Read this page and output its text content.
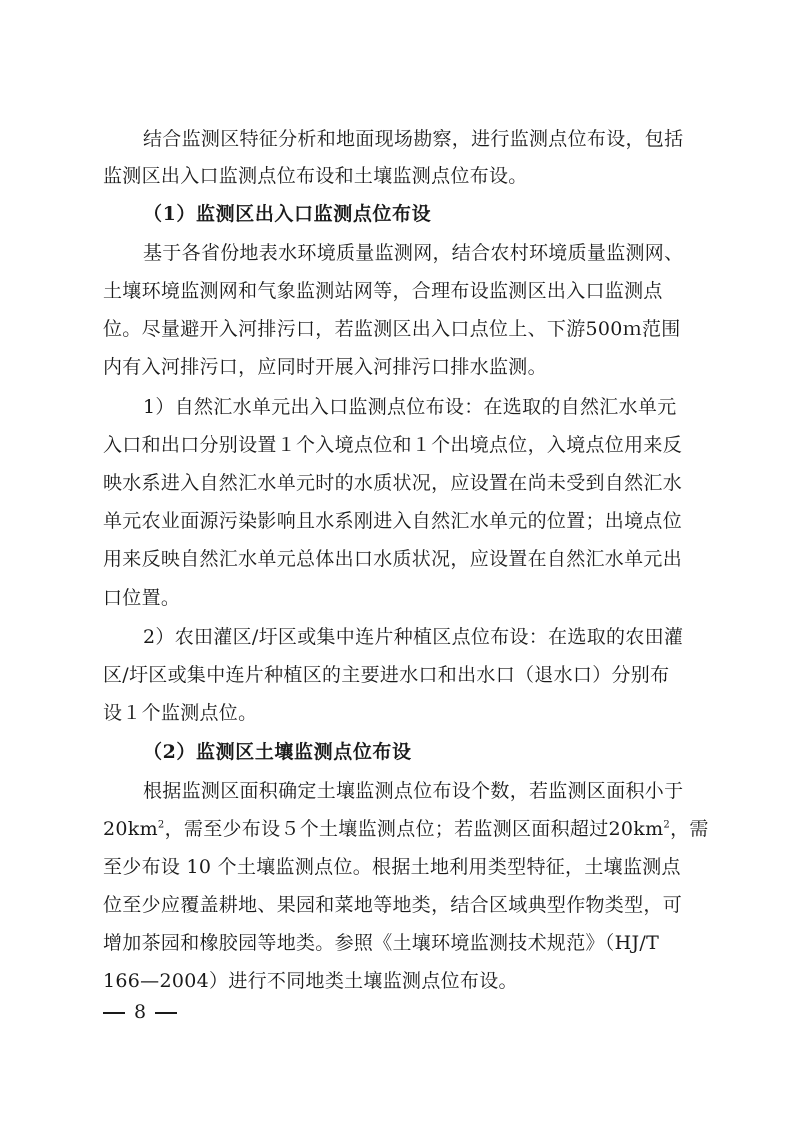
结合监测区特征分析和地面现场勘察，进行监测点位布设，包括
监测区出入口监测点位布设和土壤监测点位布设。
（1）监测区出入口监测点位布设
基于各省份地表水环境质量监测网，结合农村环境质量监测网、
土壤环境监测网和气象监测站网等，合理布设监测区出入口监测点
位。尽量避开入河排污口，若监测区出入口点位上、下游500ｍ范围
内有入河排污口，应同时开展入河排污口排水监测。
1）自然汇水单元出入口监测点位布设：在选取的自然汇水单元
入口和出口分别设置１个入境点位和１个出境点位，入境点位用来反
映水系进入自然汇水单元时的水质状况，应设置在尚未受到自然汇水
单元农业面源污染影响且水系刚进入自然汇水单元的位置；出境点位
用来反映自然汇水单元总体出口水质状况，应设置在自然汇水单元出
口位置。
2）农田灌区/圩区或集中连片种植区点位布设：在选取的农田灌
区/圩区或集中连片种植区的主要进水口和出水口（退水口）分别布
设１个监测点位。
（2）监测区土壤监测点位布设
根据监测区面积确定土壤监测点位布设个数，若监测区面积小于
$20km^2$，需至少布设５个土壤监测点位；若监测区面积超过$20km^2$，需
至少布设 10 个土壤监测点位。根据土地利用类型特征，土壤监测点
位至少应覆盖耕地、果园和菜地等地类，结合区域典型作物类型，可
增加茶园和橡胶园等地类。参照《土壤环境监测技术规范》（HJ/T
166—2004）进行不同地类土壤监测点位布设。
8
